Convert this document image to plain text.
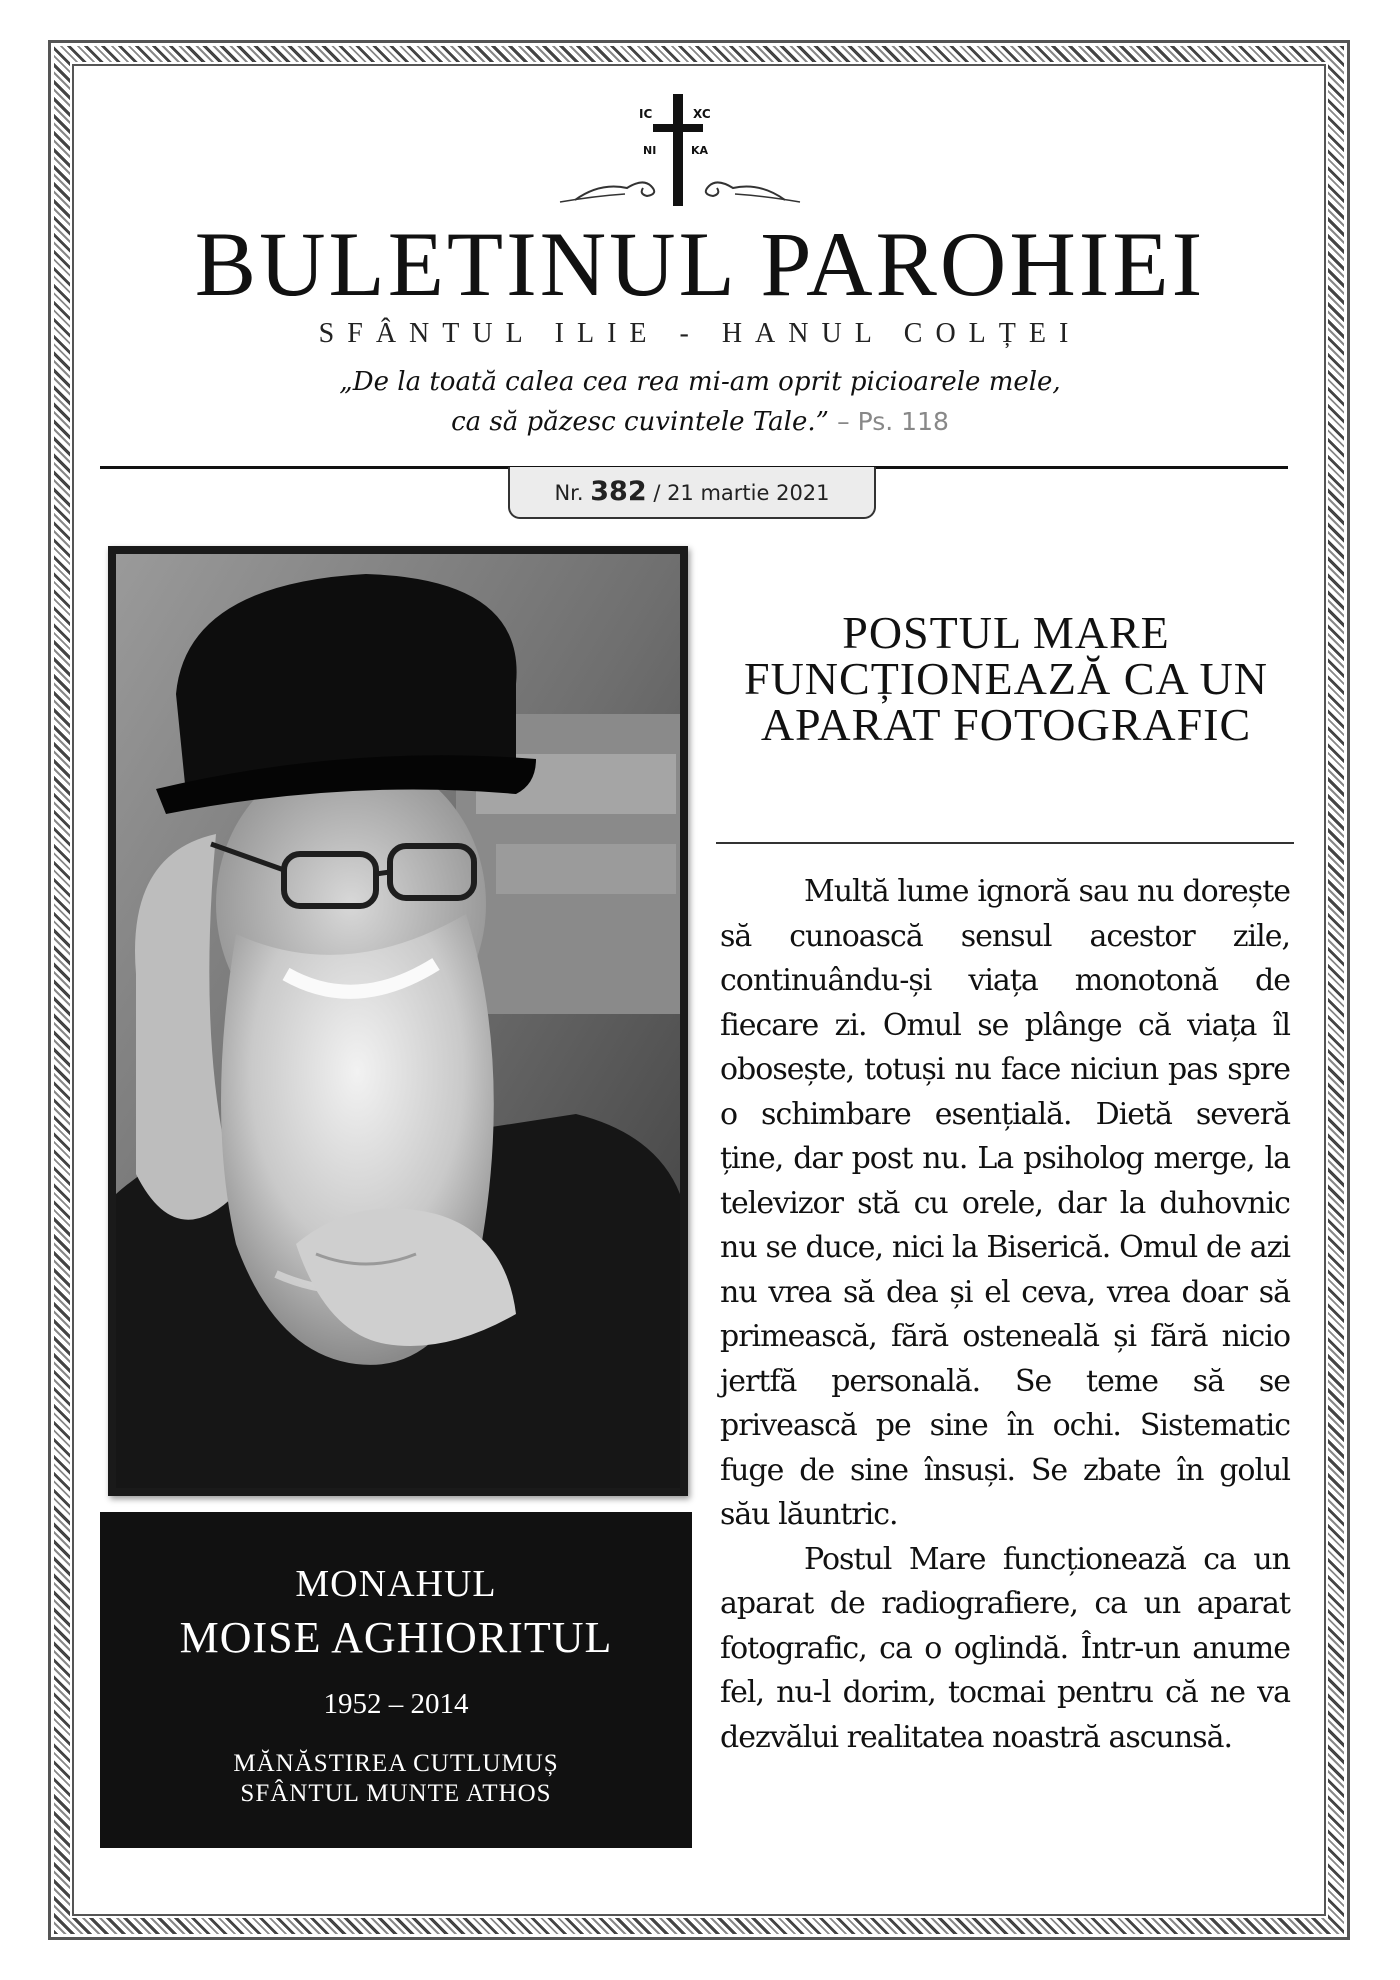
IC	XC
NI	KA
BULETINUL PAROHIEI
SFÂNTUL ILIE - HANUL COLȚEI
„De la toată calea cea rea mi-am oprit picioarele mele,
ca să păzesc cuvintele Tale.” – Ps. 118
Nr. 382 / 21 martie 2021
MONAHUL
MOISE AGHIORITUL
1952 – 2014
MĂNĂSTIREA CUTLUMUȘ
SFÂNTUL MUNTE ATHOS
POSTUL MARE
FUNCȚIONEAZĂ CA UN
APARAT FOTOGRAFIC

Multă lume ignoră sau nu dorește să cunoască sensul acestor zile, continuându-și viața monotonă de fiecare zi. Omul se plânge că viața îl obosește, totuși nu face niciun pas spre o schimbare esențială. Dietă severă ține, dar post nu. La psiholog merge, la televizor stă cu orele, dar la duhovnic nu se duce, nici la Biserică. Omul de azi nu vrea să dea și el ceva, vrea doar să primească, fără osteneală și fără nicio jertfă personală. Se teme să se privească pe sine în ochi. Sistematic fuge de sine însuși. Se zbate în golul său lăuntric.

Postul Mare funcționează ca un aparat de radiografiere, ca un aparat fotografic, ca o oglindă. Într-un anume fel, nu-l dorim, tocmai pentru că ne va dezvălui realitatea noastră ascunsă.
